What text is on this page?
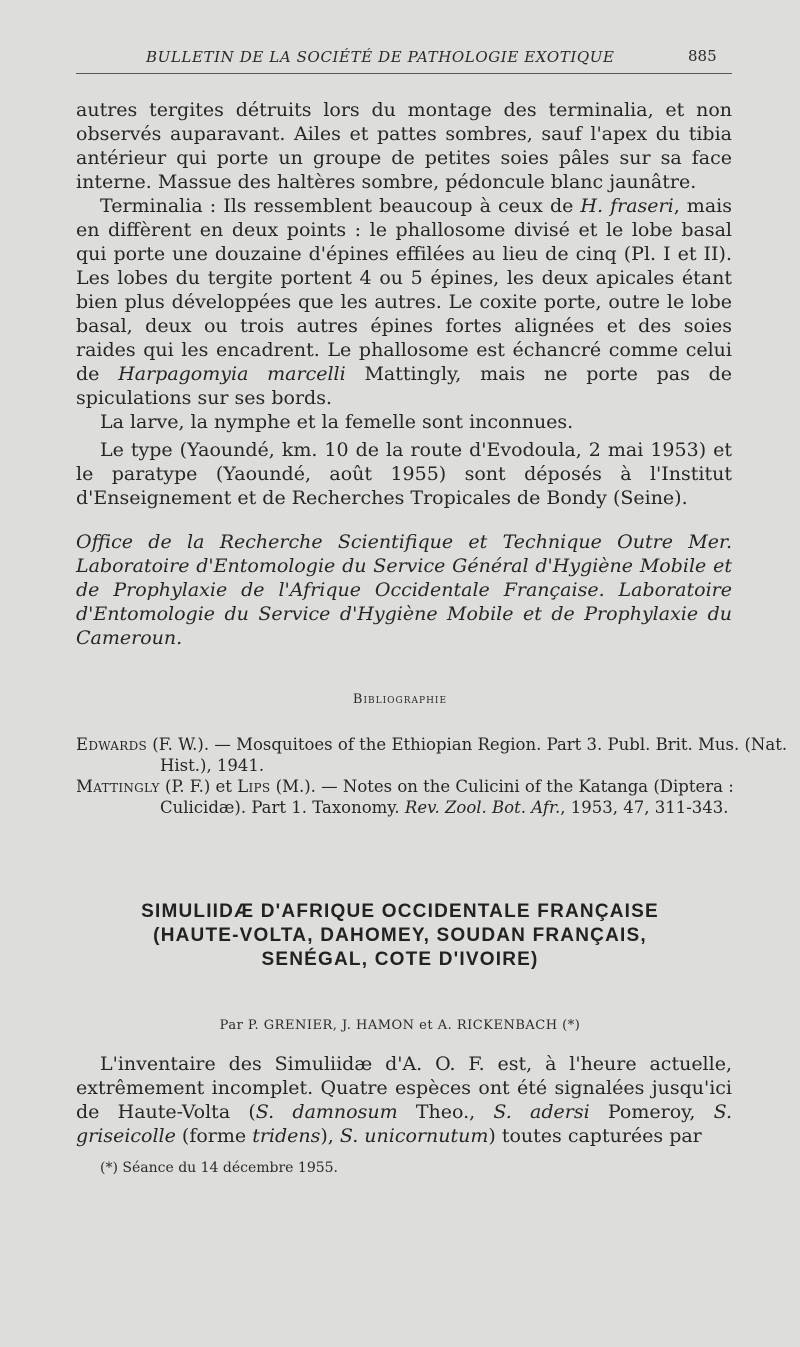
BULLETIN DE LA SOCIÉTÉ DE PATHOLOGIE EXOTIQUE	885

autres tergites détruits lors du montage des terminalia, et non observés auparavant. Ailes et pattes sombres, sauf l'apex du tibia antérieur qui porte un groupe de petites soies pâles sur sa face interne. Massue des haltères sombre, pédoncule blanc jaunâtre.

Terminalia : Ils ressemblent beaucoup à ceux de H. fraseri, mais en diffèrent en deux points : le phallosome divisé et le lobe basal qui porte une douzaine d'épines effilées au lieu de cinq (Pl. I et II). Les lobes du tergite portent 4 ou 5 épines, les deux apicales étant bien plus développées que les autres. Le coxite porte, outre le lobe basal, deux ou trois autres épines fortes alignées et des soies raides qui les encadrent. Le phallosome est échancré comme celui de Harpagomyia marcelli Mattingly, mais ne porte pas de spiculations sur ses bords.

La larve, la nymphe et la femelle sont inconnues.

Le type (Yaoundé, km. 10 de la route d'Evodoula, 2 mai 1953) et le paratype (Yaoundé, août 1955) sont déposés à l'Institut d'Enseignement et de Recherches Tropicales de Bondy (Seine).

Office de la Recherche Scientifique et Technique Outre Mer. Laboratoire d'Entomologie du Service Général d'Hygiène Mobile et de Prophylaxie de l'Afrique Occidentale Française. Laboratoire d'Entomologie du Service d'Hygiène Mobile et de Prophylaxie du Cameroun.

Bibliographie

Edwards (F. W.). — Mosquitoes of the Ethiopian Region. Part 3. Publ. Brit. Mus. (Nat. Hist.), 1941.

Mattingly (P. F.) et Lips (M.). — Notes on the Culicini of the Katanga (Diptera : Culicidæ). Part 1. Taxonomy. Rev. Zool. Bot. Afr., 1953, 47, 311-343.

SIMULIIDÆ D'AFRIQUE OCCIDENTALE FRANÇAISE
(HAUTE-VOLTA, DAHOMEY, SOUDAN FRANÇAIS,
SENÉGAL, COTE D'IVOIRE)

Par P. GRENIER, J. HAMON et A. RICKENBACH (*)

L'inventaire des Simuliidæ d'A. O. F. est, à l'heure actuelle, extrêmement incomplet. Quatre espèces ont été signalées jusqu'ici de Haute-Volta (S. damnosum Theo., S. adersi Pomeroy, S. griseicolle (forme tridens), S. unicornutum) toutes capturées par

(*) Séance du 14 décembre 1955.
